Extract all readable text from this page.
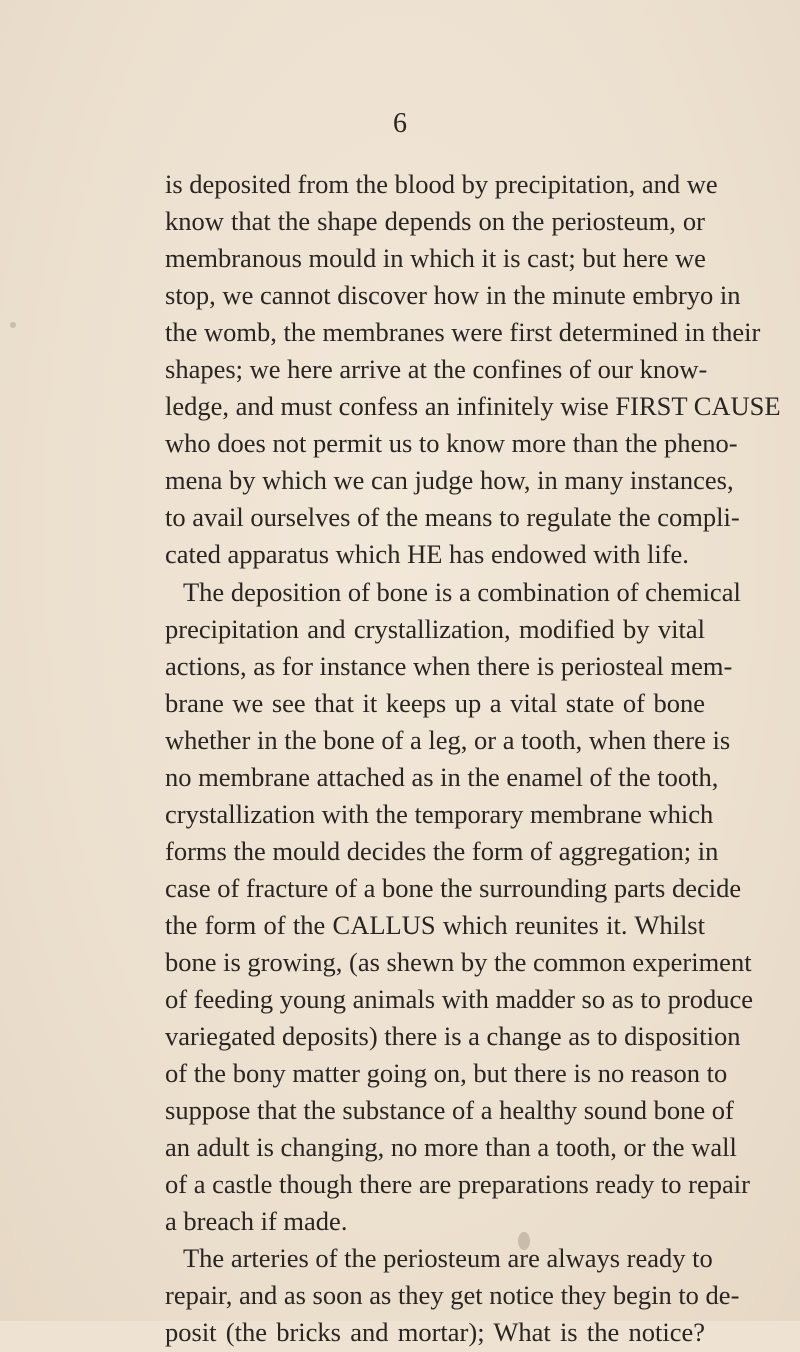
6
is deposited from the blood by precipitation, and we
know that the shape depends on the periosteum, or
membranous mould in which it is cast; but here we
stop, we cannot discover how in the minute embryo in
the womb, the membranes were first determined in their
shapes; we here arrive at the confines of our know-
ledge, and must confess an infinitely wise FIRST CAUSE
who does not permit us to know more than the pheno-
mena by which we can judge how, in many instances,
to avail ourselves of the means to regulate the compli-
cated apparatus which HE has endowed with life.
The deposition of bone is a combination of chemical
precipitation and crystallization, modified by vital
actions, as for instance when there is periosteal mem-
brane we see that it keeps up a vital state of bone
whether in the bone of a leg, or a tooth, when there is
no membrane attached as in the enamel of the tooth,
crystallization with the temporary membrane which
forms the mould decides the form of aggregation; in
case of fracture of a bone the surrounding parts decide
the form of the CALLUS which reunites it. Whilst
bone is growing, (as shewn by the common experiment
of feeding young animals with madder so as to produce
variegated deposits) there is a change as to disposition
of the bony matter going on, but there is no reason to
suppose that the substance of a healthy sound bone of
an adult is changing, no more than a tooth, or the wall
of a castle though there are preparations ready to repair
a breach if made.
The arteries of the periosteum are always ready to
repair, and as soon as they get notice they begin to de-
posit (the bricks and mortar); What is the notice?
